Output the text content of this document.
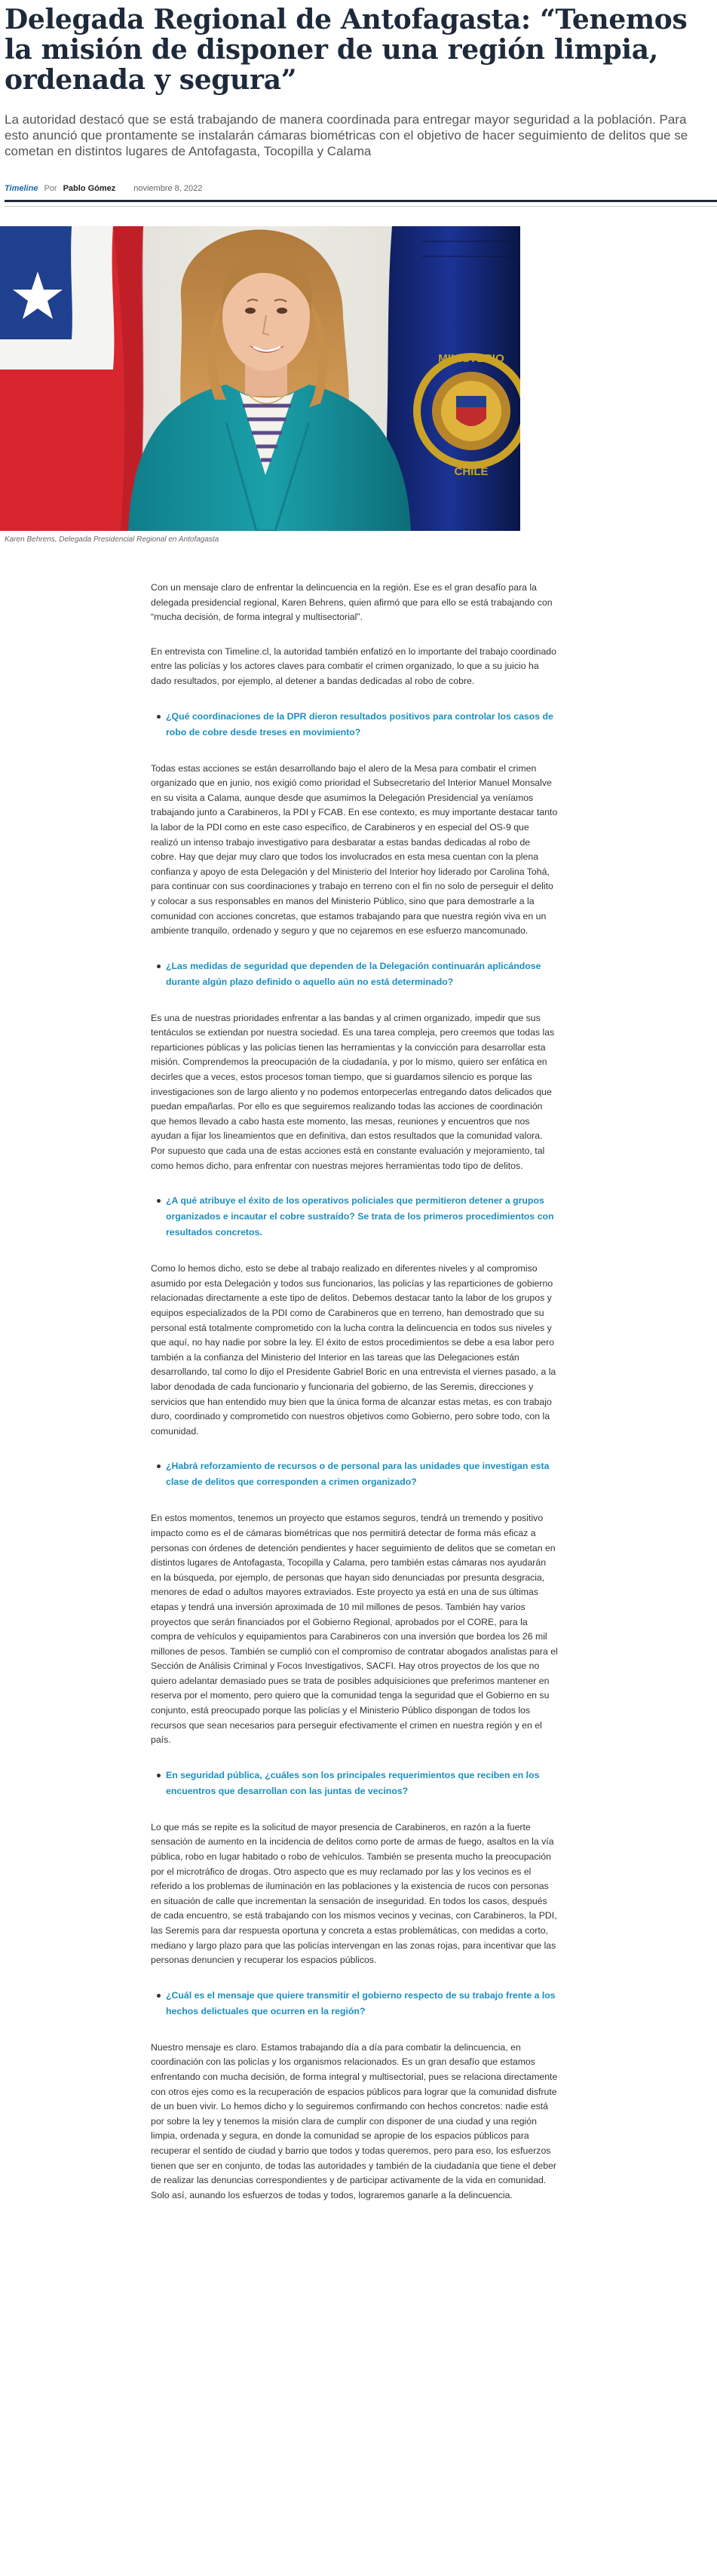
Delegada Regional de Antofagasta: “Tenemos la misión de disponer de una región limpia, ordenada y segura”

La autoridad destacó que se está trabajando de manera coordinada para entregar mayor seguridad a la población. Para esto anunció que prontamente se instalarán cámaras biométricas con el objetivo de hacer seguimiento de delitos que se cometan en distintos lugares de Antofagasta, Tocopilla y Calama

Timeline Por Pablo Gómez noviembre 8, 2022
MINISTERIO
CHILE
Karen Behrens, Delegada Presidencial Regional en Antofagasta

Con un mensaje claro de enfrentar la delincuencia en la región. Ese es el gran desafío para la delegada presidencial regional, Karen Behrens, quien afirmó que para ello se está trabajando con “mucha decisión, de forma integral y multisectorial”.

En entrevista con Timeline.cl, la autoridad también enfatizó en lo importante del trabajo coordinado entre las policías y los actores claves para combatir el crimen organizado, lo que a su juicio ha dado resultados, por ejemplo, al detener a bandas dedicadas al robo de cobre.

¿Qué coordinaciones de la DPR dieron resultados positivos para controlar los casos de robo de cobre desde treses en movimiento?

Todas estas acciones se están desarrollando bajo el alero de la Mesa para combatir el crimen organizado que en junio, nos exigió como prioridad el Subsecretario del Interior Manuel Monsalve en su visita a Calama, aunque desde que asumimos la Delegación Presidencial ya veníamos trabajando junto a Carabineros, la PDI y FCAB. En ese contexto, es muy importante destacar tanto la labor de la PDI como en este caso específico, de Carabineros y en especial del OS-9 que realizó un intenso trabajo investigativo para desbaratar a estas bandas dedicadas al robo de cobre. Hay que dejar muy claro que todos los involucrados en esta mesa cuentan con la plena confianza y apoyo de esta Delegación y del Ministerio del Interior hoy liderado por Carolina Tohá, para continuar con sus coordinaciones y trabajo en terreno con el fin no solo de perseguir el delito y colocar a sus responsables en manos del Ministerio Público, sino que para demostrarle a la comunidad con acciones concretas, que estamos trabajando para que nuestra región viva en un ambiente tranquilo, ordenado y seguro y que no cejaremos en ese esfuerzo mancomunado.

¿Las medidas de seguridad que dependen de la Delegación continuarán aplicándose durante algún plazo definido o aquello aún no está determinado?

Es una de nuestras prioridades enfrentar a las bandas y al crimen organizado, impedir que sus tentáculos se extiendan por nuestra sociedad. Es una tarea compleja, pero creemos que todas las reparticiones públicas y las policías tienen las herramientas y la convicción para desarrollar esta misión. Comprendemos la preocupación de la ciudadanía, y por lo mismo, quiero ser enfática en decirles que a veces, estos procesos toman tiempo, que si guardamos silencio es porque las investigaciones son de largo aliento y no podemos entorpecerlas entregando datos delicados que puedan empañarlas. Por ello es que seguiremos realizando todas las acciones de coordinación que hemos llevado a cabo hasta este momento, las mesas, reuniones y encuentros que nos ayudan a fijar los lineamientos que en definitiva, dan estos resultados que la comunidad valora. Por supuesto que cada una de estas acciones está en constante evaluación y mejoramiento, tal como hemos dicho, para enfrentar con nuestras mejores herramientas todo tipo de delitos.

¿A qué atribuye el éxito de los operativos policiales que permitieron detener a grupos organizados e incautar el cobre sustraído? Se trata de los primeros procedimientos con resultados concretos.

Como lo hemos dicho, esto se debe al trabajo realizado en diferentes niveles y al compromiso asumido por esta Delegación y todos sus funcionarios, las policías y las reparticiones de gobierno relacionadas directamente a este tipo de delitos. Debemos destacar tanto la labor de los grupos y equipos especializados de la PDI como de Carabineros que en terreno, han demostrado que su personal está totalmente comprometido con la lucha contra la delincuencia en todos sus niveles y que aquí, no hay nadie por sobre la ley. El éxito de estos procedimientos se debe a esa labor pero también a la confianza del Ministerio del Interior en las tareas que las Delegaciones están desarrollando, tal como lo dijo el Presidente Gabriel Boric en una entrevista el viernes pasado, a la labor denodada de cada funcionario y funcionaria del gobierno, de las Seremis, direcciones y servicios que han entendido muy bien que la única forma de alcanzar estas metas, es con trabajo duro, coordinado y comprometido con nuestros objetivos como Gobierno, pero sobre todo, con la comunidad.

¿Habrá reforzamiento de recursos o de personal para las unidades que investigan esta clase de delitos que corresponden a crimen organizado?

En estos momentos, tenemos un proyecto que estamos seguros, tendrá un tremendo y positivo impacto como es el de cámaras biométricas que nos permitirá detectar de forma más eficaz a personas con órdenes de detención pendientes y hacer seguimiento de delitos que se cometan en distintos lugares de Antofagasta, Tocopilla y Calama, pero también estas cámaras nos ayudarán en la búsqueda, por ejemplo, de personas que hayan sido denunciadas por presunta desgracia, menores de edad o adultos mayores extraviados. Este proyecto ya está en una de sus últimas etapas y tendrá una inversión aproximada de 10 mil millones de pesos. También hay varios proyectos que serán financiados por el Gobierno Regional, aprobados por el CORE, para la compra de vehículos y equipamientos para Carabineros con una inversión que bordea los 26 mil millones de pesos. También se cumplió con el compromiso de contratar abogados analistas para el Sección de Análisis Criminal y Focos Investigativos, SACFI. Hay otros proyectos de los que no quiero adelantar demasiado pues se trata de posibles adquisiciones que preferimos mantener en reserva por el momento, pero quiero que la comunidad tenga la seguridad que el Gobierno en su conjunto, está preocupado porque las policías y el Ministerio Público dispongan de todos los recursos que sean necesarios para perseguir efectivamente el crimen en nuestra región y en el país.

En seguridad pública, ¿cuáles son los principales requerimientos que reciben en los encuentros que desarrollan con las juntas de vecinos?

Lo que más se repite es la solicitud de mayor presencia de Carabineros, en razón a la fuerte sensación de aumento en la incidencia de delitos como porte de armas de fuego, asaltos en la vía pública, robo en lugar habitado o robo de vehículos. También se presenta mucho la preocupación por el microtráfico de drogas. Otro aspecto que es muy reclamado por las y los vecinos es el referido a los problemas de iluminación en las poblaciones y la existencia de rucos con personas en situación de calle que incrementan la sensación de inseguridad. En todos los casos, después de cada encuentro, se está trabajando con los mismos vecinos y vecinas, con Carabineros, la PDI, las Seremis para dar respuesta oportuna y concreta a estas problemáticas, con medidas a corto, mediano y largo plazo para que las policías intervengan en las zonas rojas, para incentivar que las personas denuncien y recuperar los espacios públicos.

¿Cuál es el mensaje que quiere transmitir el gobierno respecto de su trabajo frente a los hechos delictuales que ocurren en la región?

Nuestro mensaje es claro. Estamos trabajando día a día para combatir la delincuencia, en coordinación con las policías y los organismos relacionados. Es un gran desafío que estamos enfrentando con mucha decisión, de forma integral y multisectorial, pues se relaciona directamente con otros ejes como es la recuperación de espacios públicos para lograr que la comunidad disfrute de un buen vivir. Lo hemos dicho y lo seguiremos confirmando con hechos concretos: nadie está por sobre la ley y tenemos la misión clara de cumplir con disponer de una ciudad y una región limpia, ordenada y segura, en donde la comunidad se apropie de los espacios públicos para recuperar el sentido de ciudad y barrio que todos y todas queremos, pero para eso, los esfuerzos tienen que ser en conjunto, de todas las autoridades y también de la ciudadanía que tiene el deber de realizar las denuncias correspondientes y de participar activamente de la vida en comunidad. Solo así, aunando los esfuerzos de todas y todos, lograremos ganarle a la delincuencia.
